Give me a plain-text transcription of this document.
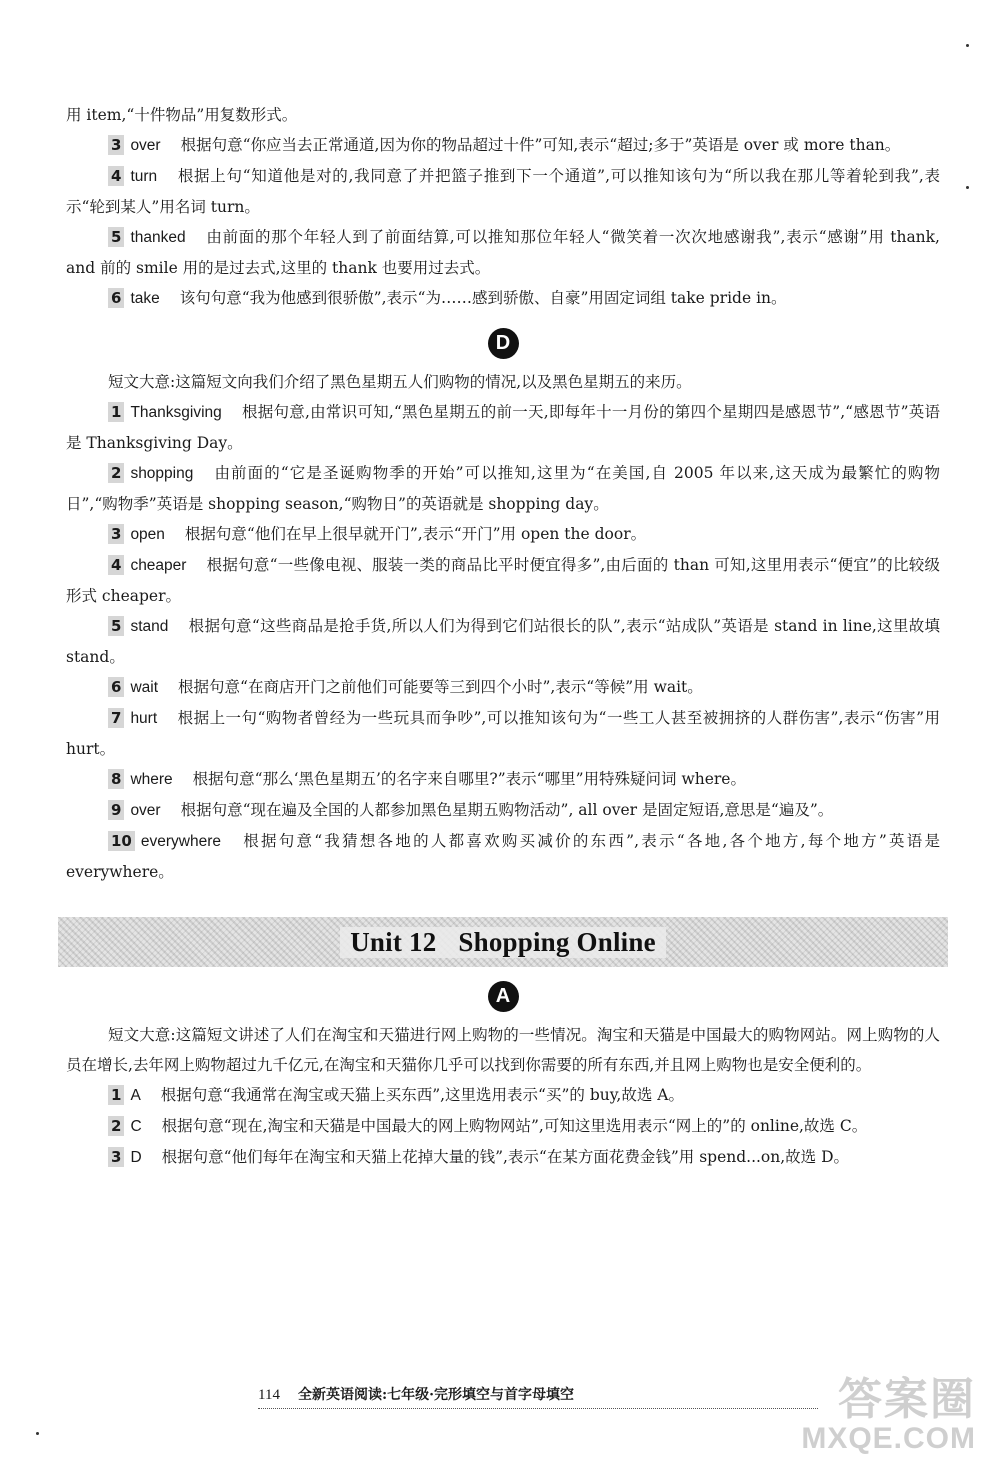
用 item,“十件物品”用复数形式。

3 over 根据句意“你应当去正常通道,因为你的物品超过十件”可知,表示“超过;多于”英语是 over 或 more than。

4 turn 根据上句“知道他是对的,我同意了并把篮子推到下一个通道”,可以推知该句为“所以我在那儿等着轮到我”,表示“轮到某人”用名词 turn。

5 thanked 由前面的那个年轻人到了前面结算,可以推知那位年轻人“微笑着一次次地感谢我”,表示“感谢”用 thank, and 前的 smile 用的是过去式,这里的 thank 也要用过去式。

6 take 该句句意“我为他感到很骄傲”,表示“为……感到骄傲、自豪”用固定词组 take pride in。

D

短文大意:这篇短文向我们介绍了黑色星期五人们购物的情况,以及黑色星期五的来历。

1 Thanksgiving 根据句意,由常识可知,“黑色星期五的前一天,即每年十一月份的第四个星期四是感恩节”,“感恩节”英语是 Thanksgiving Day。

2 shopping 由前面的“它是圣诞购物季的开始”可以推知,这里为“在美国,自 2005 年以来,这天成为最繁忙的购物日”,“购物季”英语是 shopping season,“购物日”的英语就是 shopping day。

3 open 根据句意“他们在早上很早就开门”,表示“开门”用 open the door。

4 cheaper 根据句意“一些像电视、服装一类的商品比平时便宜得多”,由后面的 than 可知,这里用表示“便宜”的比较级形式 cheaper。

5 stand 根据句意“这些商品是抢手货,所以人们为得到它们站很长的队”,表示“站成队”英语是 stand in line,这里故填 stand。

6 wait 根据句意“在商店开门之前他们可能要等三到四个小时”,表示“等候”用 wait。

7 hurt 根据上一句“购物者曾经为一些玩具而争吵”,可以推知该句为“一些工人甚至被拥挤的人群伤害”,表示“伤害”用 hurt。

8 where 根据句意“那么‘黑色星期五’的名字来自哪里?”表示“哪里”用特殊疑问词 where。

9 over 根据句意“现在遍及全国的人都参加黑色星期五购物活动”, all over 是固定短语,意思是“遍及”。

10 everywhere 根据句意“我猜想各地的人都喜欢购买减价的东西”,表示“各地,各个地方,每个地方”英语是 everywhere。

Unit 12 Shopping Online
A

短文大意:这篇短文讲述了人们在淘宝和天猫进行网上购物的一些情况。淘宝和天猫是中国最大的购物网站。网上购物的人员在增长,去年网上购物超过九千亿元,在淘宝和天猫你几乎可以找到你需要的所有东西,并且网上购物也是安全便利的。

1 A 根据句意“我通常在淘宝或天猫上买东西”,这里选用表示“买”的 buy,故选 A。

2 C 根据句意“现在,淘宝和天猫是中国最大的网上购物网站”,可知这里选用表示“网上的”的 online,故选 C。

3 D 根据句意“他们每年在淘宝和天猫上花掉大量的钱”,表示“在某方面花费金钱”用 spend...on,故选 D。

114 全新英语阅读:七年级·完形填空与首字母填空	答案圈
MXQE.COM
